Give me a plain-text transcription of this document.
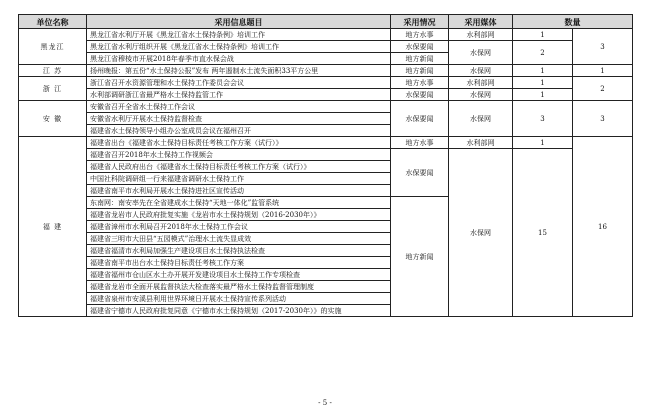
单位名称	采用信息题目	采用情况	采用媒体	数量	
黑龙江	黑龙江省水利厅开展《黑龙江省水土保持条例》培训工作	地方水事	水利部网	1	3
	黑龙江省水利厅组织开展《黑龙江省水土保持条例》培训工作	水保要闻	水保网	2	
	黑龙江省穆棱市开展2018年春季市直水保会战	地方新闻			
江 苏	扬州晚报：第五份“水土保持公报”发布 两年遏制水土流失面积33平方公里	地方新闻	水保网	1	1
浙 江	浙江省召开水资源管理和水土保持工作委员会会议	地方水事	水利部网	1	2
	水利部调研浙江省最严格水土保持监管工作	水保要闻	水保网	1	
安 徽	安徽省召开全省水土保持工作会议	水保要闻	水保网	3	3
	安徽省水利厅开展水土保持监督检查				
	福建省水土保持领导小组办公室成员会议在福州召开				
福 建	福建省出台《福建省水土保持目标责任考核工作方案（试行）》	地方水事	水利部网	1	16
	福建省召开2018年水土保持工作视频会	水保要闻	水保网	15	
	福建省人民政府出台《福建省水土保持目标责任考核工作方案（试行）》				
	中国社科院调研组一行来福建省调研水土保持工作				
	福建省南平市水利局开展水土保持进社区宣传活动				
	东南网：南安率先在全省建成水土保持“天地一体化”监管系统	地方新闻			
	福建省龙岩市人民政府批复实施《龙岩市水土保持规划（2016-2030年）》				
	福建省漳州市水利局召开2018年水土保持工作会议				
	福建省三明市大田县“五园模式”治理水土流失显成效				
	福建省福清市水利局加强生产建设项目水土保持执法检查				
	福建省南平市出台水土保持目标责任考核工作方案				
	福建省福州市仓山区水土办开展开发建设项目水土保持工作专项检查				
	福建省龙岩市全面开展监督执法大检查落实最严格水土保持监督管理制度				
	福建省泉州市安溪县利用世界环境日开展水土保持宣传系列活动				
	福建省宁德市人民政府批复同意《宁德市水土保持规划（2017-2030年）》的实施				
- 5 -
